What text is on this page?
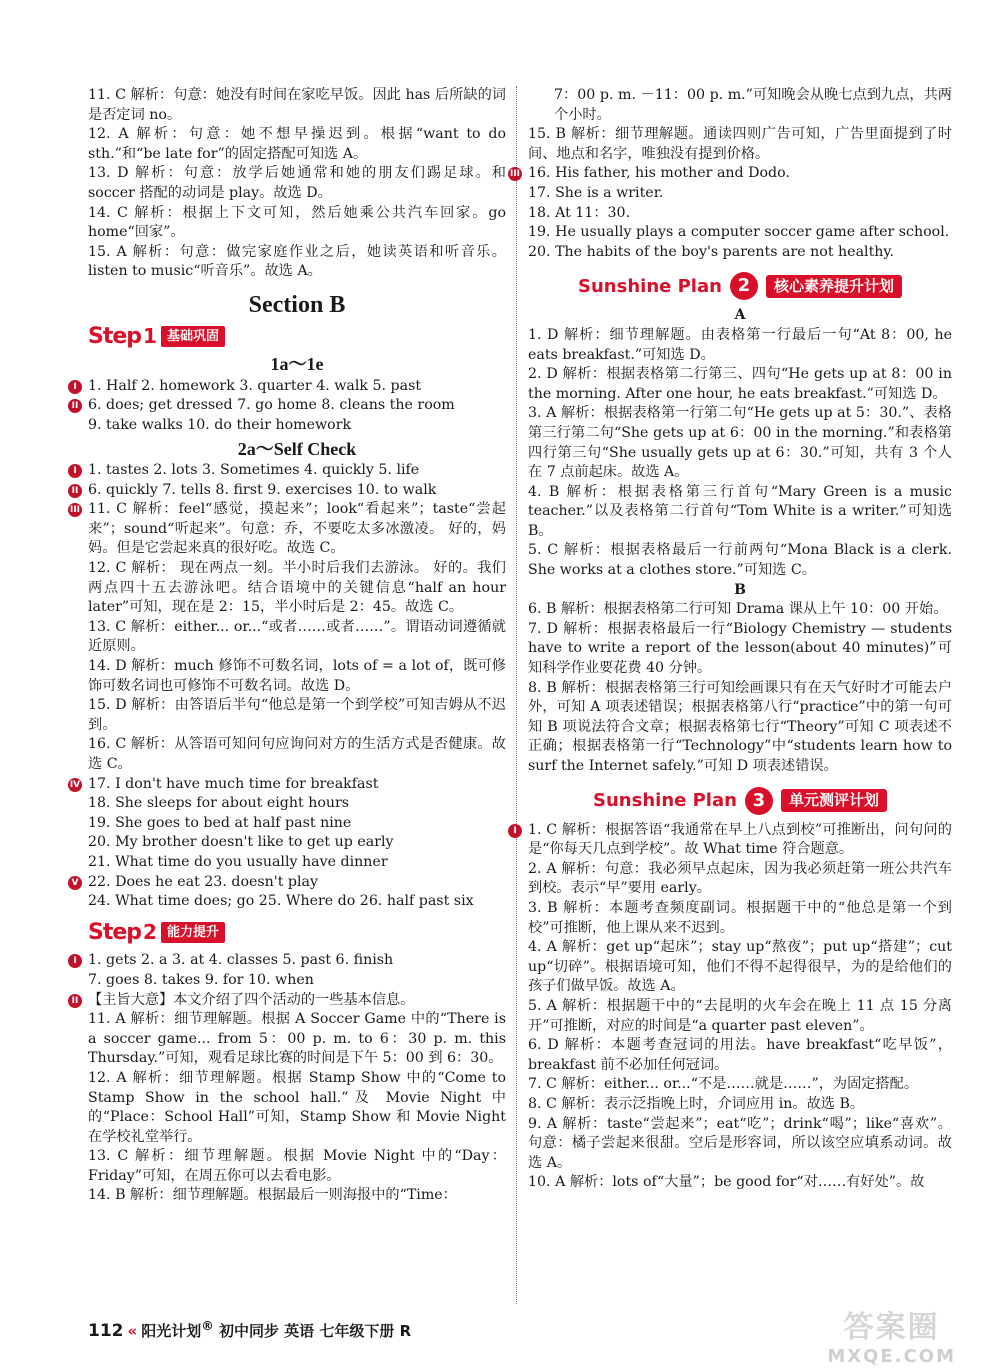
11. C 解析：句意：她没有时间在家吃早饭。因此 has 后所缺的词是否定词 no。
12. A 解析：句意：她不想早操迟到。根据“want to do sth.”和“be late for”的固定搭配可知选 A。
13. D 解析：句意：放学后她通常和她的朋友们踢足球。和 soccer 搭配的动词是 play。故选 D。
14. C 解析：根据上下文可知，然后她乘公共汽车回家。go home“回家”。
15. A 解析：句意：做完家庭作业之后，她读英语和听音乐。listen to music“听音乐”。故选 A。
Section B
Step 1 基础巩固
1a～1e
I 1. Half 2. homework 3. quarter 4. walk 5. past
II 6. does; get dressed 7. go home 8. cleans the room
9. take walks 10. do their homework
2a～Self Check
I 1. tastes 2. lots 3. Sometimes 4. quickly 5. life
II 6. quickly 7. tells 8. first 9. exercises 10. to walk
III 11. C 解析：feel“感觉，摸起来”；look“看起来”；taste“尝起来”；sound“听起来”。句意：乔，不要吃太多冰激凌。 好的，妈妈。但是它尝起来真的很好吃。故选 C。
12. C 解析： 现在两点一刻。半小时后我们去游泳。 好的。我们两点四十五去游泳吧。结合语境中的关键信息“half an hour later”可知，现在是 2：15，半小时后是 2：45。故选 C。
13. C 解析：either... or...“或者……或者……”。谓语动词遵循就近原则。
14. D 解析：much 修饰不可数名词，lots of = a lot of，既可修饰可数名词也可修饰不可数名词。故选 D。
15. D 解析：由答语后半句“他总是第一个到学校”可知吉姆从不迟到。
16. C 解析：从答语可知问句应询问对方的生活方式是否健康。故选 C。
IV 17. I don't have much time for breakfast
18. She sleeps for about eight hours
19. She goes to bed at half past nine
20. My brother doesn't like to get up early
21. What time do you usually have dinner
V 22. Does he eat 23. doesn't play
24. What time does; go 25. Where do 26. half past six
Step 2 能力提升
I 1. gets 2. a 3. at 4. classes 5. past 6. finish
7. goes 8. takes 9. for 10. when
II 【主旨大意】本文介绍了四个活动的一些基本信息。
11. A 解析：细节理解题。根据 A Soccer Game 中的“There is a soccer game... from 5：00 p. m. to 6：30 p. m. this Thursday.”可知，观看足球比赛的时间是下午 5：00 到 6：30。
12. A 解析：细节理解题。根据 Stamp Show 中的“Come to Stamp Show in the school hall.”及 Movie Night 中的“Place：School Hall”可知，Stamp Show 和 Movie Night 在学校礼堂举行。
13. C 解析：细节理解题。根据 Movie Night 中的“Day：Friday”可知，在周五你可以去看电影。
14. B 解析：细节理解题。根据最后一则海报中的“Time：
7：00 p. m. －11：00 p. m.”可知晚会从晚七点到九点，共两个小时。
15. B 解析：细节理解题。通读四则广告可知，广告里面提到了时间、地点和名字，唯独没有提到价格。
III 16. His father, his mother and Dodo.
17. She is a writer.
18. At 11：30.
19. He usually plays a computer soccer game after school.
20. The habits of the boy's parents are not healthy.
Sunshine Plan 2	核心素养提升计划
A
1. D 解析：细节理解题。由表格第一行最后一句“At 8：00, he eats breakfast.”可知选 D。
2. D 解析：根据表格第二行第三、四句“He gets up at 8：00 in the morning. After one hour, he eats breakfast.”可知选 D。
3. A 解析：根据表格第一行第二句“He gets up at 5：30.”、表格第三行第二句“She gets up at 6：00 in the morning.”和表格第四行第三句“She usually gets up at 6：30.”可知，共有 3 个人在 7 点前起床。故选 A。
4. B 解析：根据表格第三行首句“Mary Green is a music teacher.”以及表格第二行首句“Tom White is a writer.”可知选 B。
5. C 解析：根据表格最后一行前两句“Mona Black is a clerk. She works at a clothes store.”可知选 C。
B
6. B 解析：根据表格第二行可知 Drama 课从上午 10：00 开始。
7. D 解析：根据表格最后一行“Biology Chemistry — students have to write a report of the lesson(about 40 minutes)”可知科学作业要花费 40 分钟。
8. B 解析：根据表格第三行可知绘画课只有在天气好时才可能去户外，可知 A 项表述错误；根据表格第八行“practice”中的第一句可知 B 项说法符合文章；根据表格第七行“Theory”可知 C 项表述不正确；根据表格第一行“Technology”中“students learn how to surf the Internet safely.”可知 D 项表述错误。
Sunshine Plan 3	单元测评计划
I 1. C 解析：根据答语“我通常在早上八点到校”可推断出，问句问的是“你每天几点到学校”。故 What time 符合题意。
2. A 解析：句意：我必须早点起床，因为我必须赶第一班公共汽车到校。表示“早”要用 early。
3. B 解析：本题考查频度副词。根据题干中的“他总是第一个到校”可推断，他上课从来不迟到。
4. A 解析：get up“起床”；stay up“熬夜”；put up“搭建”；cut up“切碎”。根据语境可知，他们不得不起得很早，为的是给他们的孩子们做早饭。故选 A。
5. A 解析：根据题干中的“去昆明的火车会在晚上 11 点 15 分离开”可推断，对应的时间是“a quarter past eleven”。
6. D 解析：本题考查冠词的用法。have breakfast“吃早饭”，breakfast 前不必加任何冠词。
7. C 解析：either... or...“不是……就是……”，为固定搭配。
8. C 解析：表示泛指晚上时，介词应用 in。故选 B。
9. A 解析：taste“尝起来”；eat“吃”；drink“喝”；like“喜欢”。句意：橘子尝起来很甜。空后是形容词，所以该空应填系动词。故选 A。
10. A 解析：lots of“大量”；be good for“对……有好处”。故
112 « 阳光计划® 初中同步 英语 七年级下册 R	答案圈
MXQE.COM
